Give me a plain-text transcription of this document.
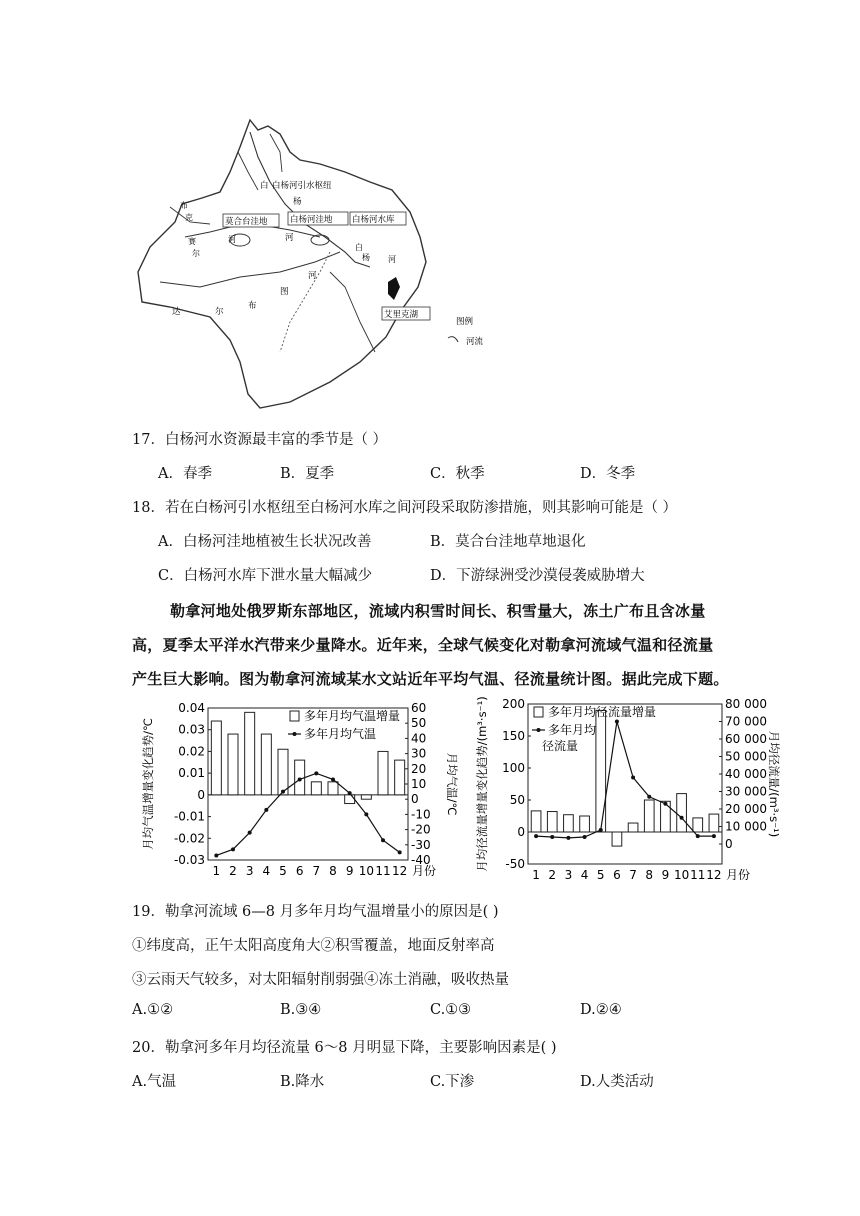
莫合台洼地	白杨河洼地 白杨河水库
艾里克湖
白杨河引水枢纽
白
杨
河
布
克
赛
尔
河
白
杨 河
达	尔
布
图
河
图例
河流
17．白杨河水资源最丰富的季节是（ ）
A．春季	B．夏季	C．秋季	D．冬季
18．若在白杨河引水枢纽至白杨河水库之间河段采取防渗措施，则其影响可能是（ ）
A．白杨河洼地植被生长状况改善	B．莫合台洼地草地退化
C．白杨河水库下泄水量大幅减少	D．下游绿洲受沙漠侵袭威胁增大
勒拿河地处俄罗斯东部地区，流域内积雪时间长、积雪量大，冻土广布且含冰量
高，夏季太平洋水汽带来少量降水。近年来，全球气候变化对勒拿河流域气温和径流量
产生巨大影响。图为勒拿河流域某水文站近年平均气温、径流量统计图。据此完成下题。
0.04
0.03
0.02
0.01
0
-0.01
-0.02
-0.03
60
50
40
30
20
10
0
-10
-20
-30
-40
1 2 3 4 5 6 7 8 9 10 11 12 月份
月均气温增量变化趋势/℃	月均气温/℃
多年月均气温增量
多年月均气温
200
150
100
50
0
-50
80 000
70 000
60 000
50 000
40 000
30 000
20 000
10 000
0
1 2 3 4 5 6 7 8 9 10 11 12 月份
月均径流量增量变化趋势/(m³·s⁻¹)	月均径流量/(m³·s⁻¹)
多年月均径流量增量
多年月均
径流量
19．勒拿河流域 6—8 月多年月均气温增量小的原因是( )
①纬度高，正午太阳高度角大②积雪覆盖，地面反射率高
③云雨天气较多，对太阳辐射削弱强④冻土消融，吸收热量
A.①②	B.③④	C.①③	D.②④
20．勒拿河多年月均径流量 6～8 月明显下降，主要影响因素是( )
A.气温	B.降水	C.下渗	D.人类活动
